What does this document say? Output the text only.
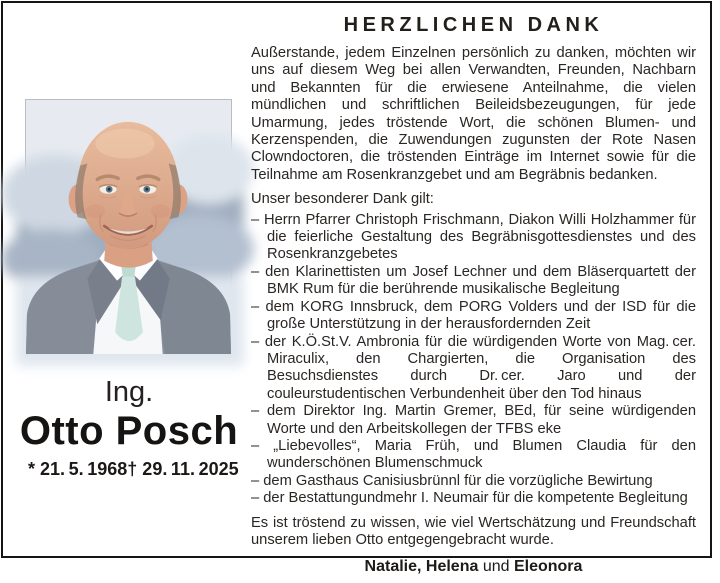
Ing.
Otto Posch
* 21. 5. 1968 † 29. 11. 2025
HERZLICHEN DANK

Außerstande, jedem Einzelnen persönlich zu danken, möchten wir uns auf diesem Weg bei allen Verwandten, Freunden, Nachbarn und Bekannten für die erwiesene Anteilnahme, die vielen mündlichen und schriftlichen Beileidsbezeugungen, für jede Umarmung, jedes tröstende Wort, die schönen Blumen- und Kerzenspenden, die Zuwendungen zugunsten der Rote Nasen Clowndoctoren, die tröstenden Einträge im Internet sowie für die Teilnahme am Rosenkranzgebet und am Begräbnis bedanken.

Unser besonderer Dank gilt:

– Herrn Pfarrer Christoph Frischmann, Diakon Willi Holzhammer für die feierliche Gestaltung des Begräbnisgottesdienstes und des Rosenkranzgebetes
– den Klarinettisten um Josef Lechner und dem Bläserquartett der BMK Rum für die berührende musikalische Begleitung
– dem KORG Innsbruck, dem PORG Volders und der ISD für die große Unterstützung in der herausfordernden Zeit
– der K.Ö.St.V. Ambronia für die würdigenden Worte von Mag. cer. Miraculix, den Chargierten, die Organisation des Besuchsdienstes durch Dr. cer. Jaro und der couleurstudentischen Verbundenheit über den Tod hinaus
– dem Direktor Ing. Martin Gremer, BEd, für seine würdigenden Worte und den Arbeitskollegen der TFBS eke
– „Liebevolles“, Maria Früh, und Blumen Claudia für den wunderschönen Blumenschmuck
– dem Gasthaus Canisiusbrünnl für die vorzügliche Bewirtung
– der Bestattungundmehr I. Neumair für die kompetente Begleitung

Es ist tröstend zu wissen, wie viel Wertschätzung und Freundschaft unserem lieben Otto entgegengebracht wurde.

Natalie, Helena und Eleonora
